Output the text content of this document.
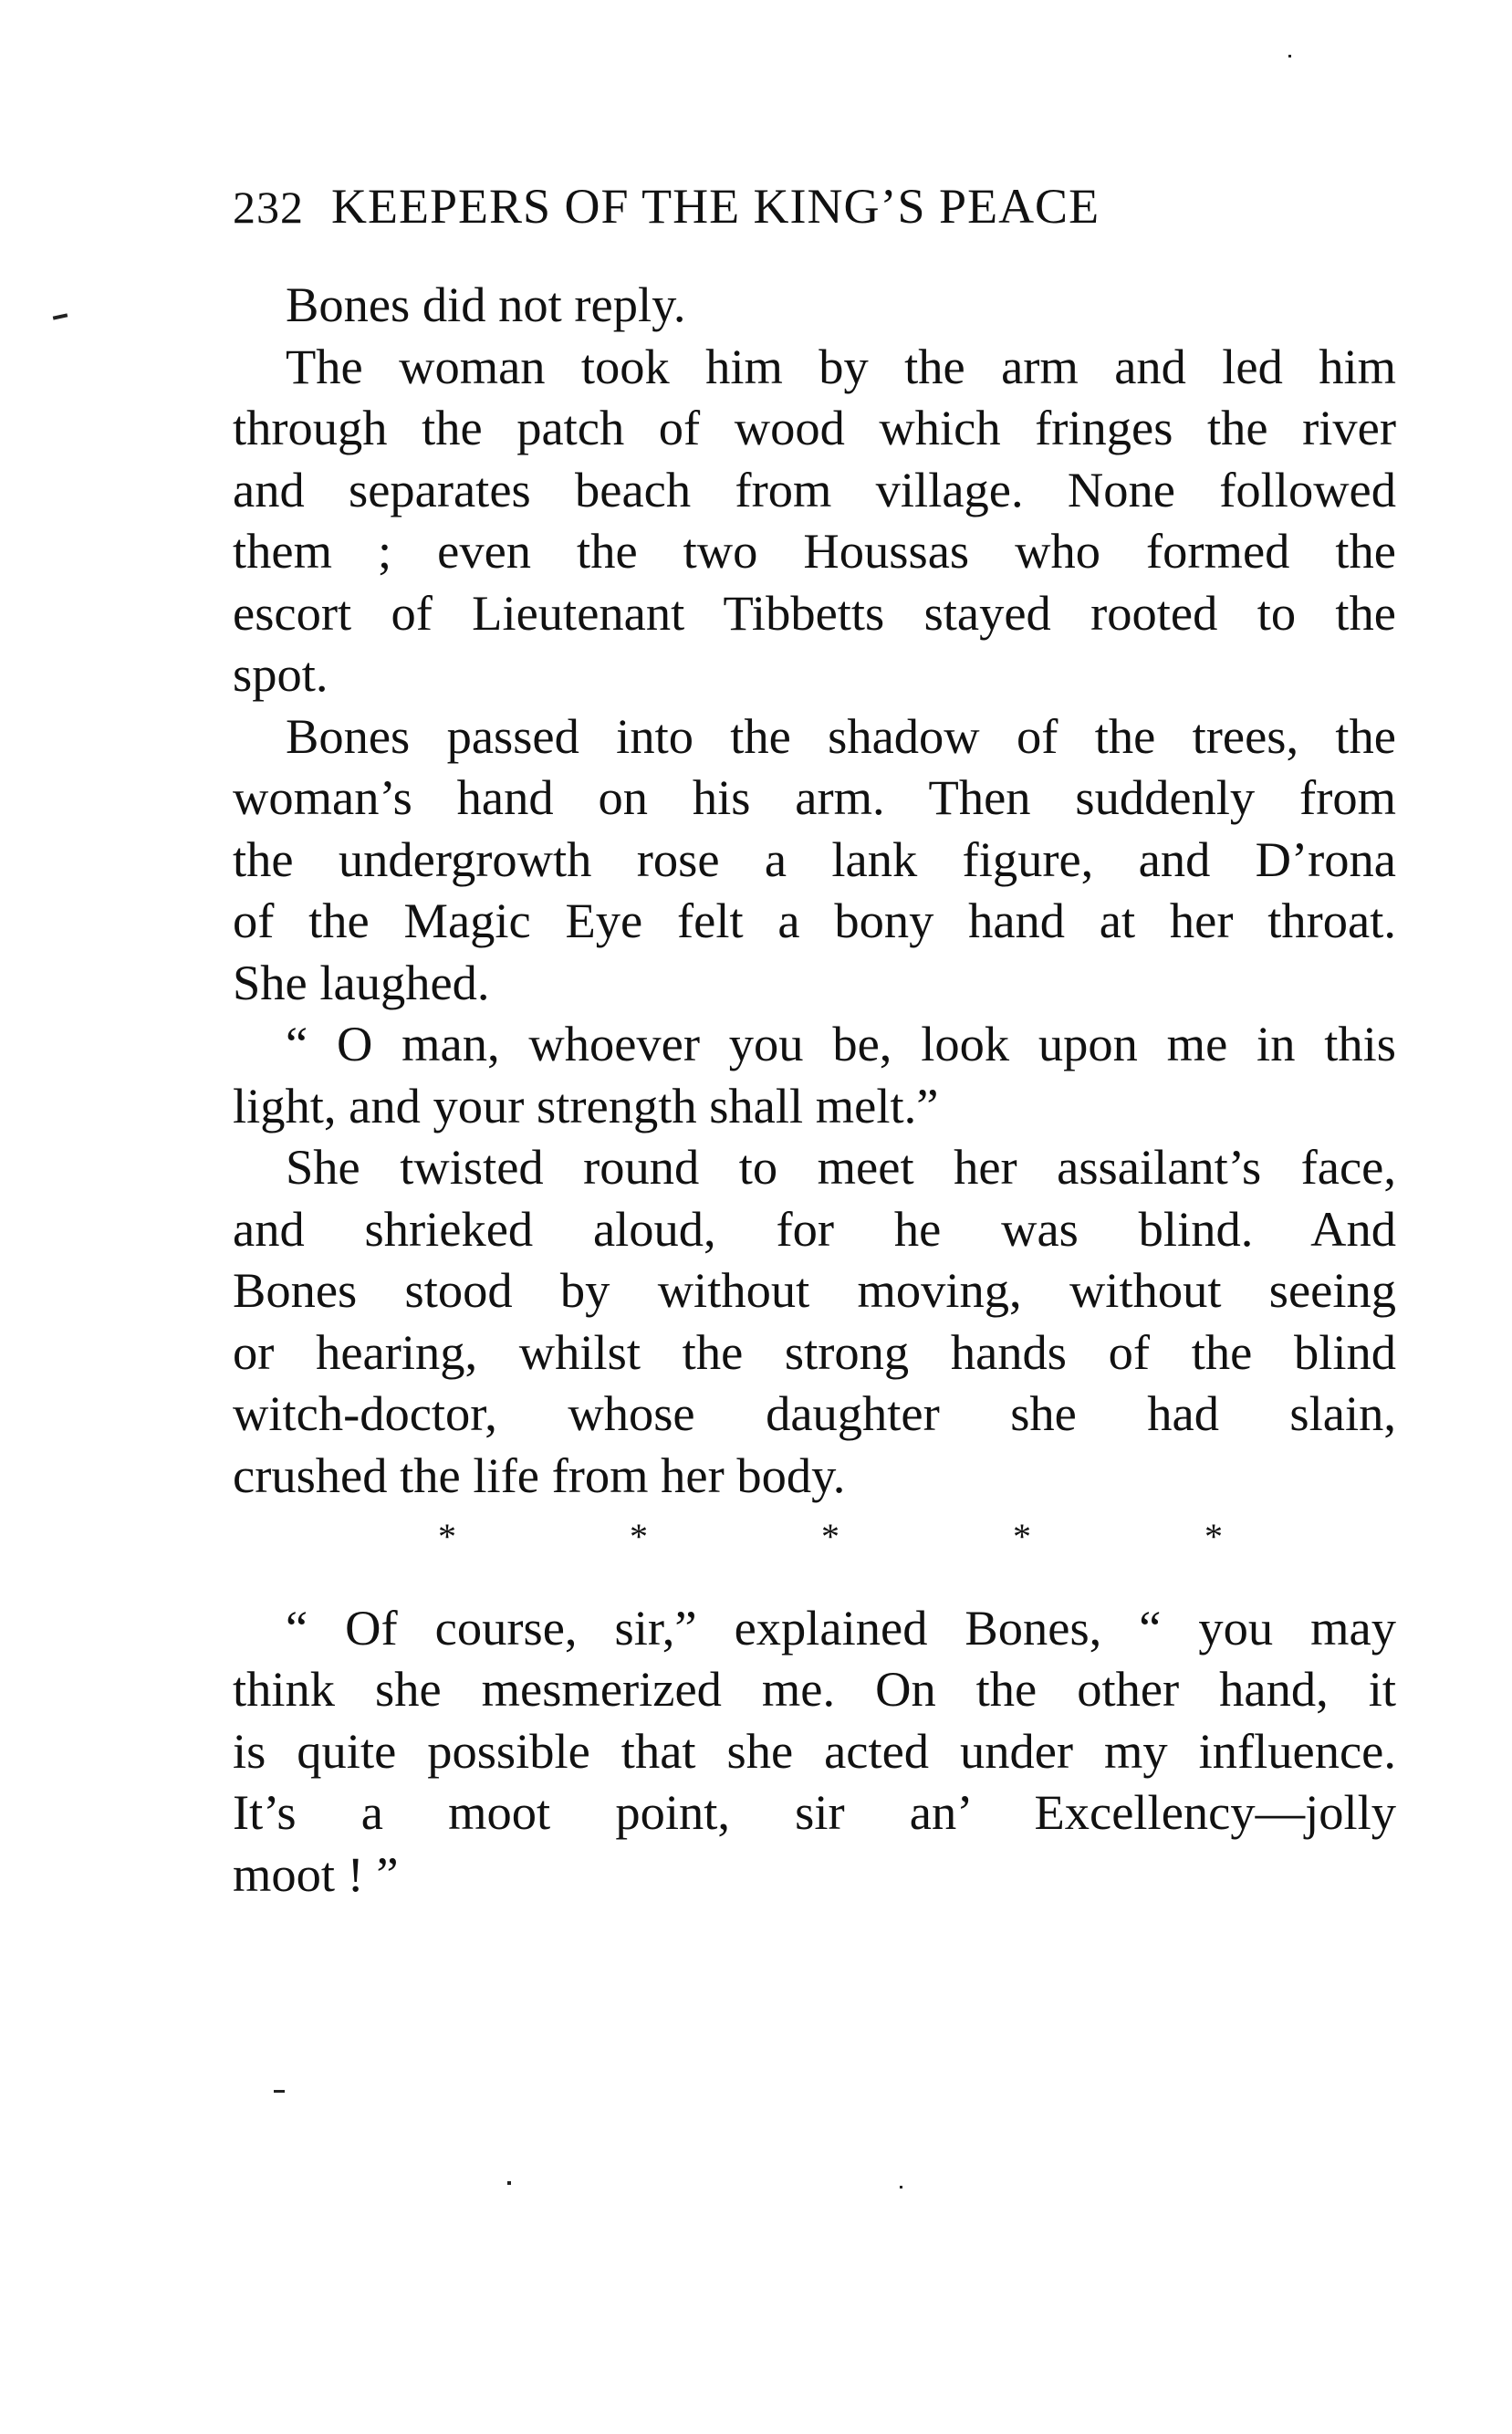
232 KEEPERS OF THE KING’S PEACE
Bones did not reply.
The woman took him by the arm and led him
through the patch of wood which fringes the river
and separates beach from village. None followed
them ; even the two Houssas who formed the
escort of Lieutenant Tibbetts stayed rooted to the
spot.
Bones passed into the shadow of the trees, the
woman’s hand on his arm. Then suddenly from
the undergrowth rose a lank figure, and D’rona
of the Magic Eye felt a bony hand at her throat.
She laughed.
“ O man, whoever you be, look upon me in this
light, and your strength shall melt.”
She twisted round to meet her assailant’s face,
and shrieked aloud, for he was blind. And
Bones stood by without moving, without seeing
or hearing, whilst the strong hands of the blind
witch-doctor, whose daughter she had slain,
crushed the life from her body.
*	*	*	*	*
“ Of course, sir,” explained Bones, “ you may
think she mesmerized me. On the other hand, it
is quite possible that she acted under my influence.
It’s a moot point, sir an’ Excellency—jolly
moot ! ”
